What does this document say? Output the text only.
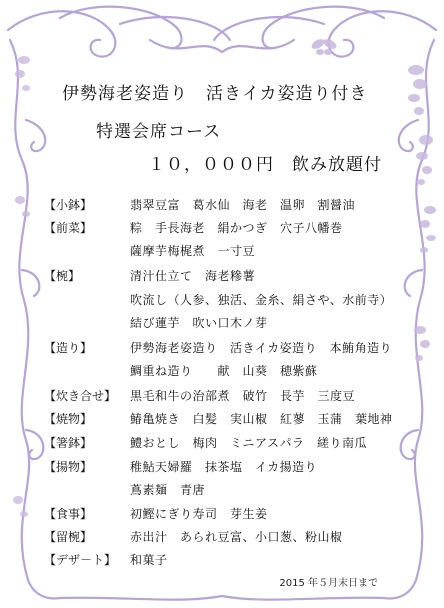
伊勢海老姿造り　活きイカ姿造り付き
特選会席コース
１０，０００円　飲み放題付
【小鉢】	翡翠豆富　葛水仙　海老　温卵　割醤油
【前菜】	粽　手長海老　絹かつぎ　穴子八幡巻
薩摩芋梅梶煮　一寸豆
【椀】	清汁仕立て　海老糝薯
吹流し（人参、独活、金糸、絹さや、水前寺）
結び蓮芋　吹い口木ノ芽
【造り】	伊勢海老姿造り　活きイカ姿造り　本鮪角造り
鯛重ね造り　　献　山葵　穂紫蘇
【炊き合せ】 黒毛和牛の治部煮　破竹　長芋　三度豆
【焼物】	鰆亀焼き　白髪　実山椒　紅蓼　玉蒲　葉地神
【箸鉢】	鱧おとし　梅肉　ミニアスパラ　縒り南瓜
【揚物】	稚鮎天婦羅　抹茶塩　イカ揚造り
蔦素麺　青唐
【食事】	初鰹にぎり寿司　芽生姜
【留椀】	赤出汁　あられ豆富、小口葱、粉山椒
【デザ－ト】 和菓子
2015 年５月末日まで
